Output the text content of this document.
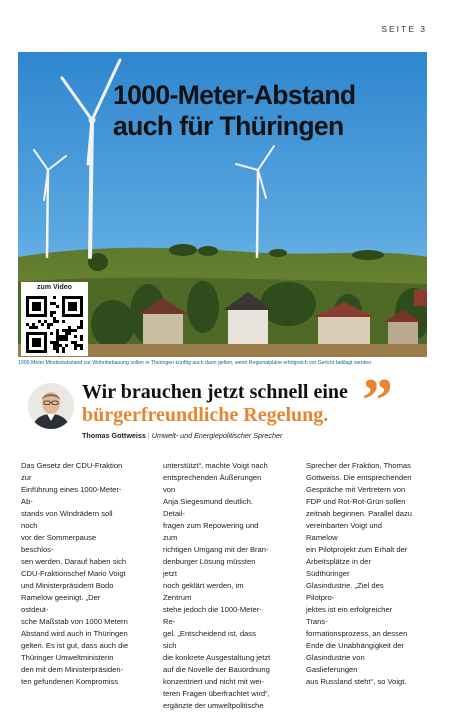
SEITE 3
1000-Meter-Abstand
auch für Thüringen
zum Video
1000 Meter Mindestabstand zur Wohnbebauung sollen in Thüringen künftig auch dann gelten, wenn Regionalpläne erfolgreich vor Gericht beklagt werden.

Wir brauchen jetzt schnell eine

bürgerfreundliche Regelung. ”
Thomas Gottweiss | Umwelt- und Energiepolitischer Sprecher

Das Gesetz der CDU-Fraktion zur
Einführung eines 1000-Meter-Ab-
stands von Windrädern soll noch
vor der Sommerpause beschlos-
sen werden. Darauf haben sich
CDU-Fraktionschef Mario Voigt
und Ministerpräsident Bodo
Ramelow geeinigt. „Der ostdeut-
sche Maßstab von 1000 Metern
Abstand wird auch in Thüringen
gelten. Es ist gut, dass auch die
Thüringer Umweltministerin
den mit dem Ministerpräsiden-
ten gefundenen Kompromiss

unterstützt“, machte Voigt nach
entsprechenden Äußerungen von
Anja Siegesmund deutlich. Detail-
fragen zum Repowering und zum
richtigen Umgang mit der Bran-
denburger Lösung müssten jetzt
noch geklärt werden, im Zentrum
stehe jedoch die 1000-Meter-Re-
gel. „Entscheidend ist, dass sich
die konkrete Ausgestaltung jetzt
auf die Novelle der Bauordnung
konzentriert und nicht mit wei-
teren Fragen überfrachtet wird“,
ergänzte der umweltpolitische

Sprecher der Fraktion, Thomas
Gottweiss. Die entsprechenden
Gespräche mit Vertretern von
FDP und Rot-Rot-Grün sollen
zeitnah beginnen. Parallel dazu
vereinbarten Voigt und Ramelow
ein Pilotprojekt zum Erhalt der
Arbeitsplätze in der Südthüringer
Glasindustrie. „Ziel des Pilotpro-
jektes ist ein erfolgreicher Trans-
formationsprozess, an dessen
Ende die Unabhängigkeit der
Glasindustrie von Gaslieferungen
aus Russland steht“, so Voigt.
